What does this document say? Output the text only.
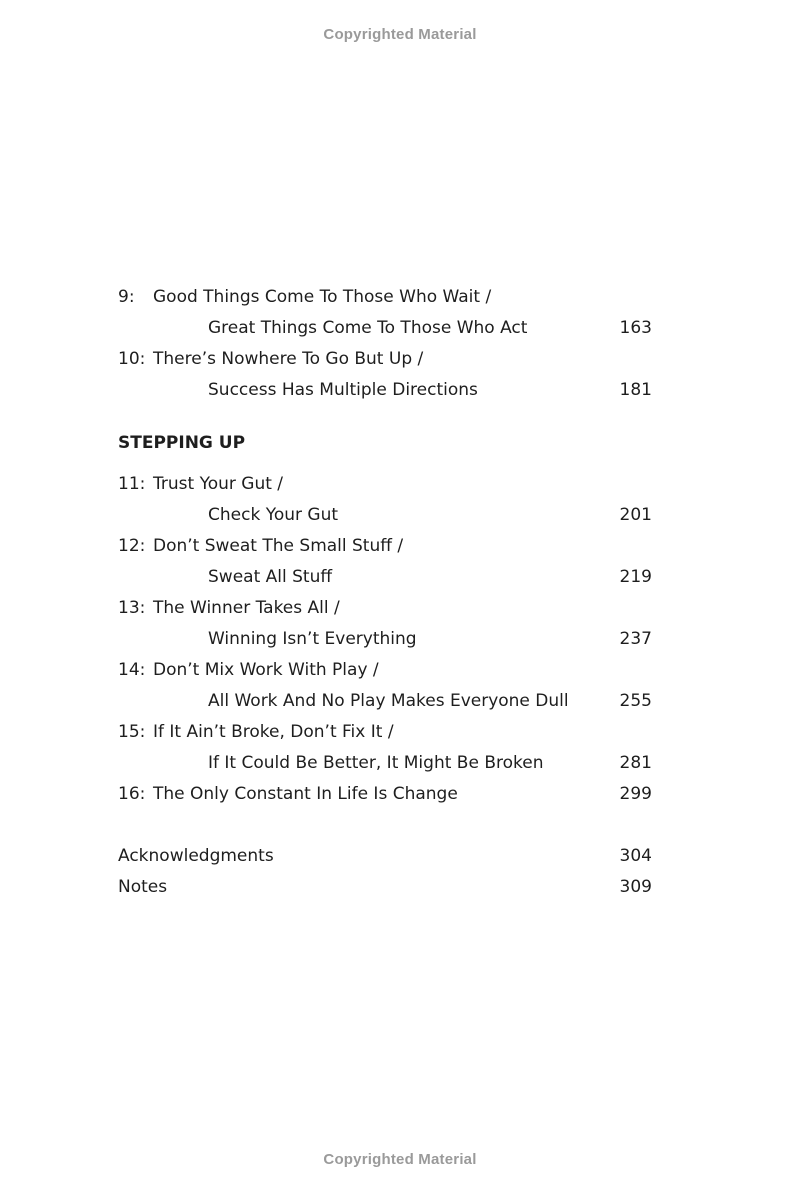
Copyrighted Material
9: Good Things Come To Those Who Wait /
Great Things Come To Those Who Act	163
10: There’s Nowhere To Go But Up /
Success Has Multiple Directions	181
STEPPING UP
11: Trust Your Gut /
Check Your Gut	201
12: Don’t Sweat The Small Stuff /
Sweat All Stuff	219
13: The Winner Takes All /
Winning Isn’t Everything	237
14: Don’t Mix Work With Play /
All Work And No Play Makes Everyone Dull	255
15: If It Ain’t Broke, Don’t Fix It /
If It Could Be Better, It Might Be Broken	281
16: The Only Constant In Life Is Change	299
Acknowledgments	304
Notes	309
Copyrighted Material
